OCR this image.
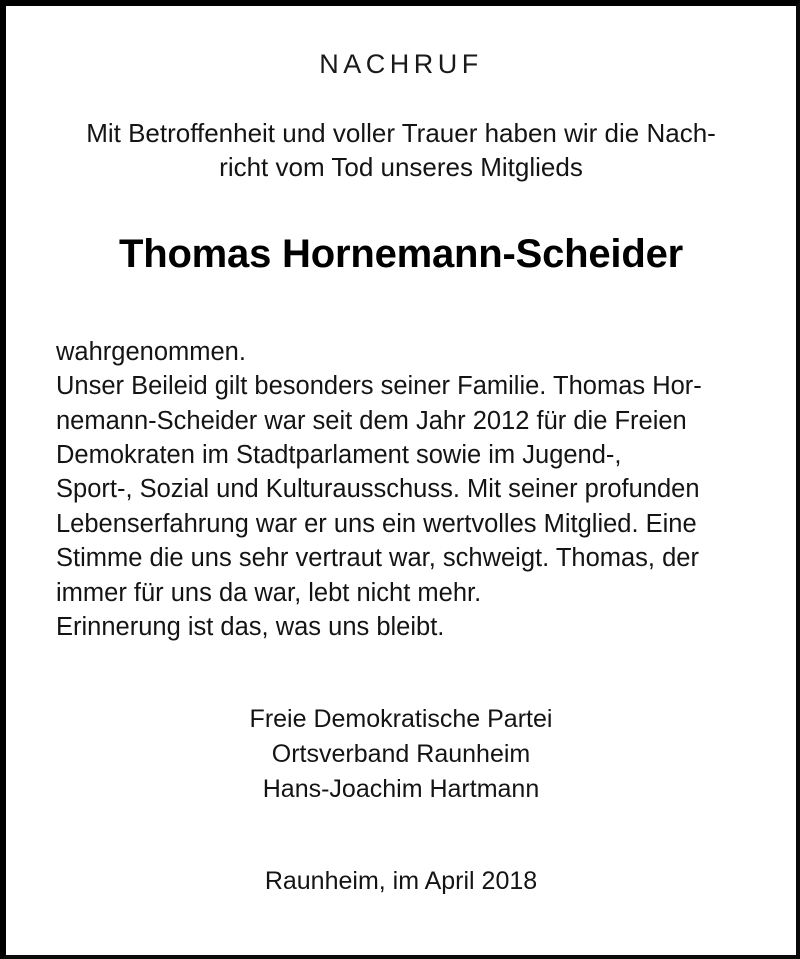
NACHRUF
Mit Betroffenheit und voller Trauer haben wir die Nach-
richt vom Tod unseres Mitglieds
Thomas Hornemann-Scheider
wahrgenommen.
Unser Beileid gilt besonders seiner Familie. Thomas Hor-
nemann-Scheider war seit dem Jahr 2012 für die Freien
Demokraten im Stadtparlament sowie im Jugend-,
Sport-, Sozial und Kulturausschuss. Mit seiner profunden
Lebenserfahrung war er uns ein wertvolles Mitglied. Eine
Stimme die uns sehr vertraut war, schweigt. Thomas, der
immer für uns da war, lebt nicht mehr.
Erinnerung ist das, was uns bleibt.
Freie Demokratische Partei
Ortsverband Raunheim
Hans-Joachim Hartmann
Raunheim, im April 2018
